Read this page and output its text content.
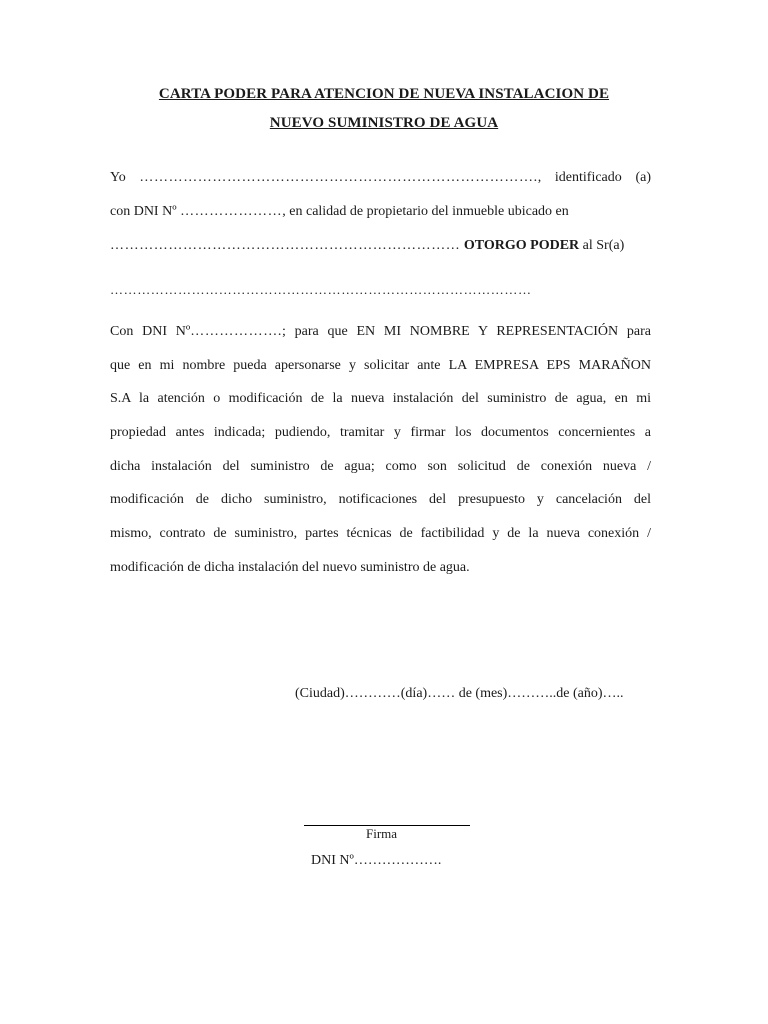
CARTA PODER PARA ATENCION DE NUEVA INSTALACION DE
NUEVO SUMINISTRO DE AGUA
Yo ………………………………………………………………………., identificado (a)
con DNI Nº …………………, en calidad de propietario del inmueble ubicado en
……………………………………………………………… OTORGO PODER al Sr(a)
…………………………………………………………………………………
Con DNI Nº……………….; para que EN MI NOMBRE Y REPRESENTACIÓN para
que en mi nombre pueda apersonarse y solicitar ante LA EMPRESA EPS MARAÑON
S.A la atención o modificación de la nueva instalación del suministro de agua, en mi
propiedad antes indicada; pudiendo, tramitar y firmar los documentos concernientes a
dicha instalación del suministro de agua; como son solicitud de conexión nueva /
modificación de dicho suministro, notificaciones del presupuesto y cancelación del
mismo, contrato de suministro, partes técnicas de factibilidad y de la nueva conexión /
modificación de dicha instalación del nuevo suministro de agua.
(Ciudad)…………(día)…… de (mes)………..de (año)…..
Firma
DNI Nº……………….
